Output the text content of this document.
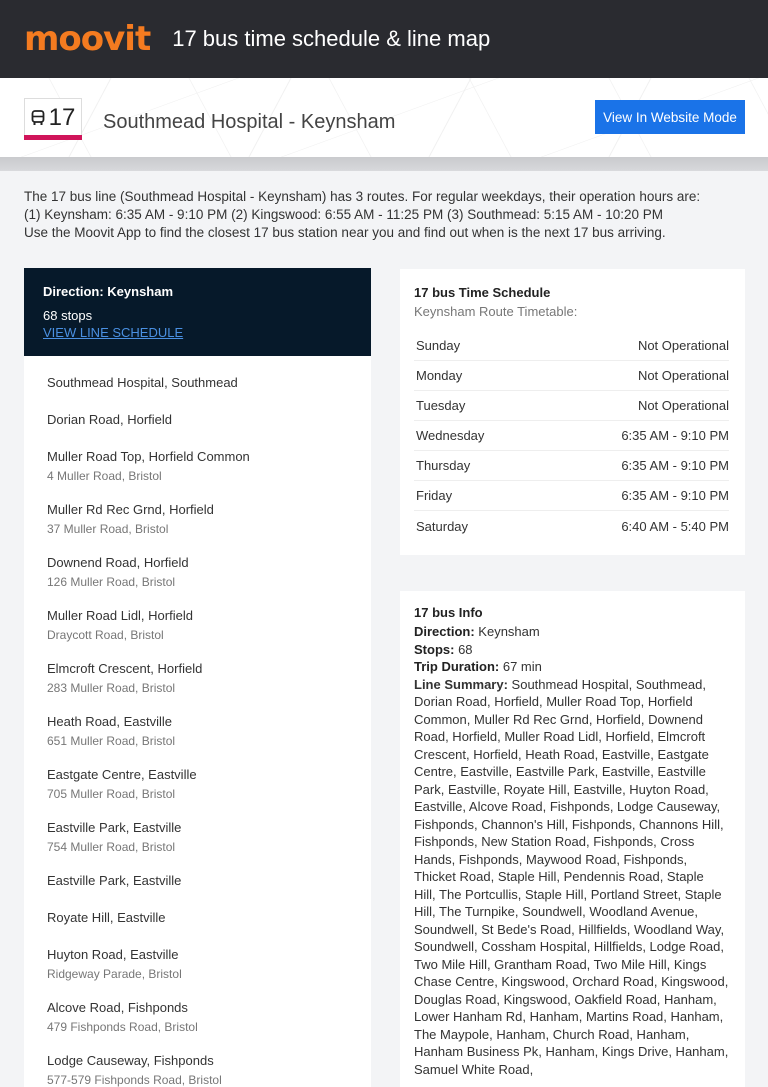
moovit 17 bus time schedule & line map
17 Southmead Hospital - Keynsham	View In Website Mode

The 17 bus line (Southmead Hospital - Keynsham) has 3 routes. For regular weekdays, their operation hours are:

(1) Keynsham: 6:35 AM - 9:10 PM (2) Kingswood: 6:55 AM - 11:25 PM (3) Southmead: 5:15 AM - 10:20 PM

Use the Moovit App to find the closest 17 bus station near you and find out when is the next 17 bus arriving.

Direction: Keynsham
68 stops
VIEW LINE SCHEDULE
Southmead Hospital, Southmead
Dorian Road, Horfield
Muller Road Top, Horfield Common
4 Muller Road, Bristol
Muller Rd Rec Grnd, Horfield
37 Muller Road, Bristol
Downend Road, Horfield
126 Muller Road, Bristol
Muller Road Lidl, Horfield
Draycott Road, Bristol
Elmcroft Crescent, Horfield
283 Muller Road, Bristol
Heath Road, Eastville
651 Muller Road, Bristol
Eastgate Centre, Eastville
705 Muller Road, Bristol
Eastville Park, Eastville
754 Muller Road, Bristol
Eastville Park, Eastville
Royate Hill, Eastville
Huyton Road, Eastville
Ridgeway Parade, Bristol
Alcove Road, Fishponds
479 Fishponds Road, Bristol
Lodge Causeway, Fishponds
577-579 Fishponds Road, Bristol
17 bus Time Schedule
Keynsham Route Timetable:
Sunday	Not Operational
Monday	Not Operational
Tuesday	Not Operational
Wednesday	6:35 AM - 9:10 PM
Thursday	6:35 AM - 9:10 PM
Friday	6:35 AM - 9:10 PM
Saturday	6:40 AM - 5:40 PM
17 bus Info
Direction: Keynsham
Stops: 68
Trip Duration: 67 min
Line Summary: Southmead Hospital, Southmead, Dorian Road, Horfield, Muller Road Top, Horfield Common, Muller Rd Rec Grnd, Horfield, Downend Road, Horfield, Muller Road Lidl, Horfield, Elmcroft Crescent, Horfield, Heath Road, Eastville, Eastgate Centre, Eastville, Eastville Park, Eastville, Eastville Park, Eastville, Royate Hill, Eastville, Huyton Road, Eastville, Alcove Road, Fishponds, Lodge Causeway, Fishponds, Channon's Hill, Fishponds, Channons Hill, Fishponds, New Station Road, Fishponds, Cross Hands, Fishponds, Maywood Road, Fishponds, Thicket Road, Staple Hill, Pendennis Road, Staple Hill, The Portcullis, Staple Hill, Portland Street, Staple Hill, The Turnpike, Soundwell, Woodland Avenue, Soundwell, St Bede's Road, Hillfields, Woodland Way, Soundwell, Cossham Hospital, Hillfields, Lodge Road, Two Mile Hill, Grantham Road, Two Mile Hill, Kings Chase Centre, Kingswood, Orchard Road, Kingswood, Douglas Road, Kingswood, Oakfield Road, Hanham, Lower Hanham Rd, Hanham, Martins Road, Hanham, The Maypole, Hanham, Church Road, Hanham, Hanham Business Pk, Hanham, Kings Drive, Hanham, Samuel White Road,
